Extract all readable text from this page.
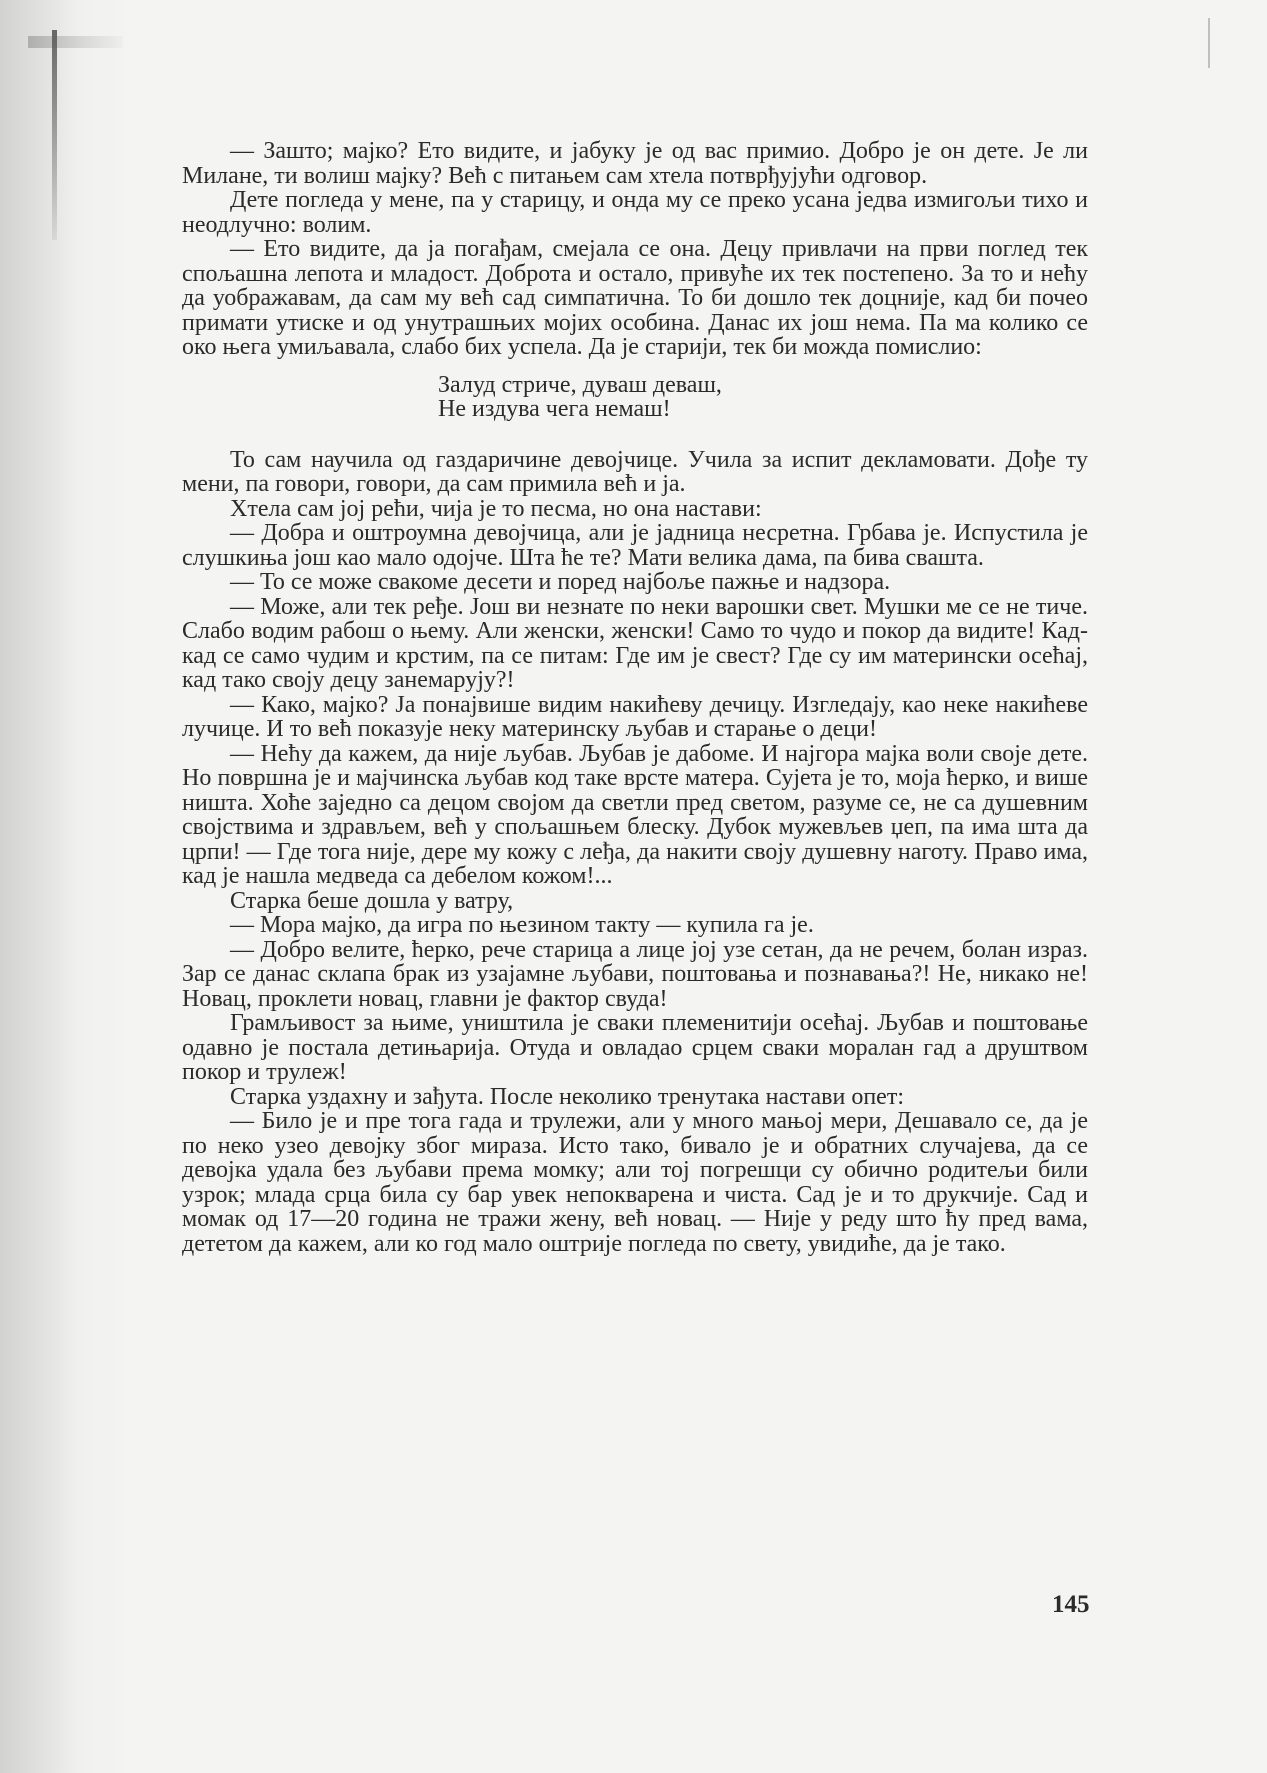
— Зашто; мајко? Ето видите, и јабуку је од вас примио. Добро је он дете. Је ли Милане, ти волиш мајку? Већ с питањем сам хтела потврђујући одговор.

Дете погледа у мене, па у старицу, и онда му се преко усана једва измигољи тихо и неодлучно: волим.

— Ето видите, да ја погађам, смејала се она. Децу привлачи на први поглед тек спољашна лепота и младост. Доброта и остало, привуће их тек постепено. За то и нећу да уображавам, да сам му већ сад симпатична. То би дошло тек доцније, кад би почео примати утиске и од унутрашњих мојих особина. Данас их још нема. Па ма колико се око њега умиљавала, слабо бих успела. Да је старији, тек би можда помислио:

Залуд стриче, дуваш деваш,
Не издува чега немаш!

То сам научила од газдаричине девојчице. Учила за испит декламовати. Дође ту мени, па говори, говори, да сам примила већ и ја.

Хтела сам јој рећи, чија је то песма, но она настави:

— Добра и оштроумна девојчица, али је јадница несретна. Грбава је. Испустила је слушкиња још као мало одојче. Шта ће те? Мати велика дама, па бива свашта.

— То се може свакоме десети и поред најбоље пажње и надзора.

— Може, али тек ређе. Још ви незнате по неки варошки свет. Мушки ме се не тиче. Слабо водим рабош о њему. Али женски, женски! Само то чудо и покор да видите! Кад-кад се само чудим и крстим, па се питам: Где им је свест? Где су им матерински осећај, кад тако своју децу занемарују?!

— Како, мајко? Ја понајвише видим накићеву дечицу. Изгледају, као неке накићеве лучице. И то већ показује неку материнску љубав и старање о деци!

— Нећу да кажем, да није љубав. Љубав је дабоме. И најгора мајка воли своје дете. Но површна је и мајчинска љубав код таке врсте матера. Сујета је то, моја ћерко, и више ништа. Хоће заједно са децом својом да светли пред светом, разуме се, не са душевним својствима и здрављем, већ у спољашњем блеску. Дубок мужевљев џеп, па има шта да црпи! — Где тога није, дере му кожу с леђа, да накити своју душевну наготу. Право има, кад је нашла медведа са дебелом кожом!...

Старка беше дошла у ватру,

— Мора мајко, да игра по њезином такту — купила га је.

— Добро велите, ћерко, рече старица а лице јој узе сетан, да не речем, болан израз. Зар се данас склапа брак из узајамне љубави, поштовања и познавања?! Не, никако не! Новац, проклети новац, главни је фактор свуда!

Грамљивост за њиме, уништила је сваки племенитији осећај. Љубав и поштовање одавно је постала детињарија. Отуда и овладао срцем сваки моралан гад а друштвом покор и трулеж!

Старка уздахну и зађута. После неколико тренутака настави опет:

— Било је и пре тога гада и трулежи, али у много мањој мери, Дешавало се, да је по неко узео девојку због мираза. Исто тако, бивало је и обратних случајева, да се девојка удала без љубави према момку; али тој погрешци су обично родитељи били узрок; млада срца била су бар увек непокварена и чиста. Сад је и то друкчије. Сад и момак од 17—20 година не тражи жену, већ новац. — Није у реду што ћу пред вама, дететом да кажем, али ко год мало оштрије погледа по свету, увидиће, да је тако.

145
